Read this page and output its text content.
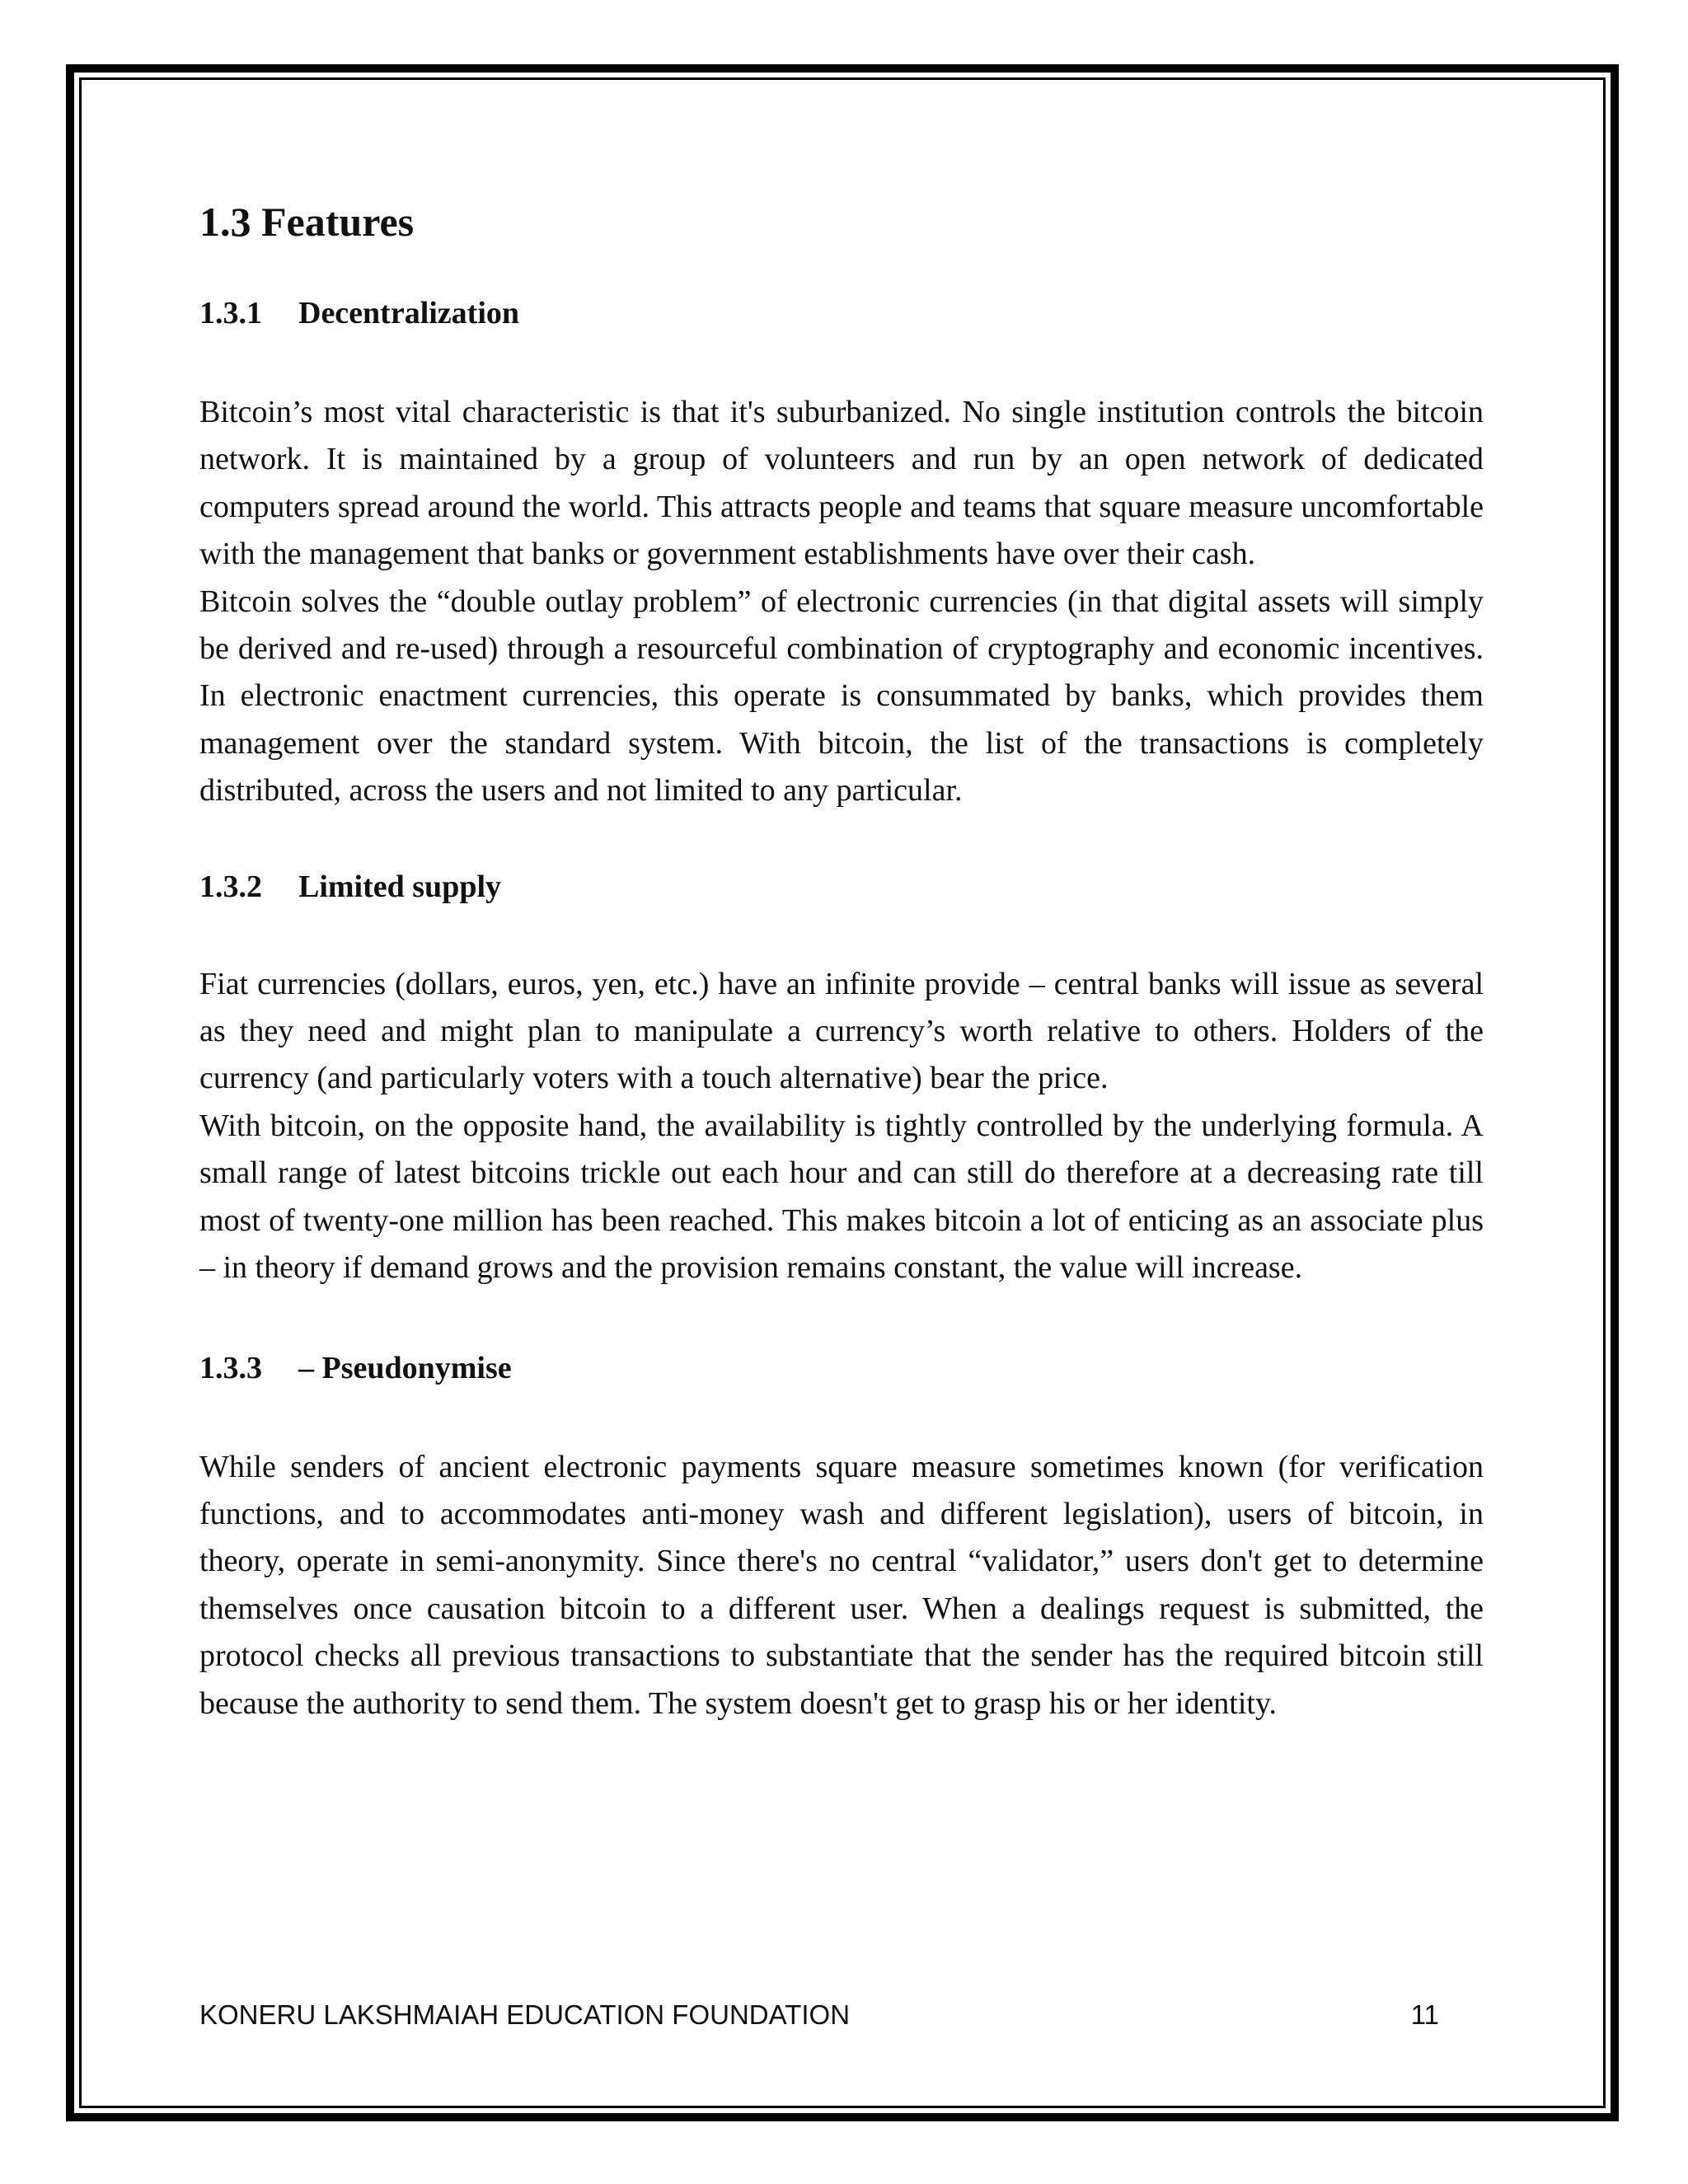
1.3 Features
1.3.1 Decentralization

Bitcoin’s most vital characteristic is that it's suburbanized. No single institution controls the bitcoin network. It is maintained by a group of volunteers and run by an open network of dedicated computers spread around the world. This attracts people and teams that square measure uncomfortable with the management that banks or government establishments have over their cash.

Bitcoin solves the “double outlay problem” of electronic currencies (in that digital assets will simply be derived and re-used) through a resourceful combination of cryptography and economic incentives. In electronic enactment currencies, this operate is consummated by banks, which provides them management over the standard system. With bitcoin, the list of the transactions is completely distributed, across the users and not limited to any particular.

1.3.2 Limited supply

Fiat currencies (dollars, euros, yen, etc.) have an infinite provide – central banks will issue as several as they need and might plan to manipulate a currency’s worth relative to others. Holders of the currency (and particularly voters with a touch alternative) bear the price.

With bitcoin, on the opposite hand, the availability is tightly controlled by the underlying formula. A small range of latest bitcoins trickle out each hour and can still do therefore at a decreasing rate till most of twenty-one million has been reached. This makes bitcoin a lot of enticing as an associate plus – in theory if demand grows and the provision remains constant, the value will increase.

1.3.3 – Pseudonymise

While senders of ancient electronic payments square measure sometimes known (for verification functions, and to accommodates anti-money wash and different legislation), users of bitcoin, in theory, operate in semi-anonymity. Since there's no central “validator,” users don't get to determine themselves once causation bitcoin to a different user. When a dealings request is submitted, the protocol checks all previous transactions to substantiate that the sender has the required bitcoin still because the authority to send them. The system doesn't get to grasp his or her identity.

KONERU LAKSHMAIAH EDUCATION FOUNDATION	11
